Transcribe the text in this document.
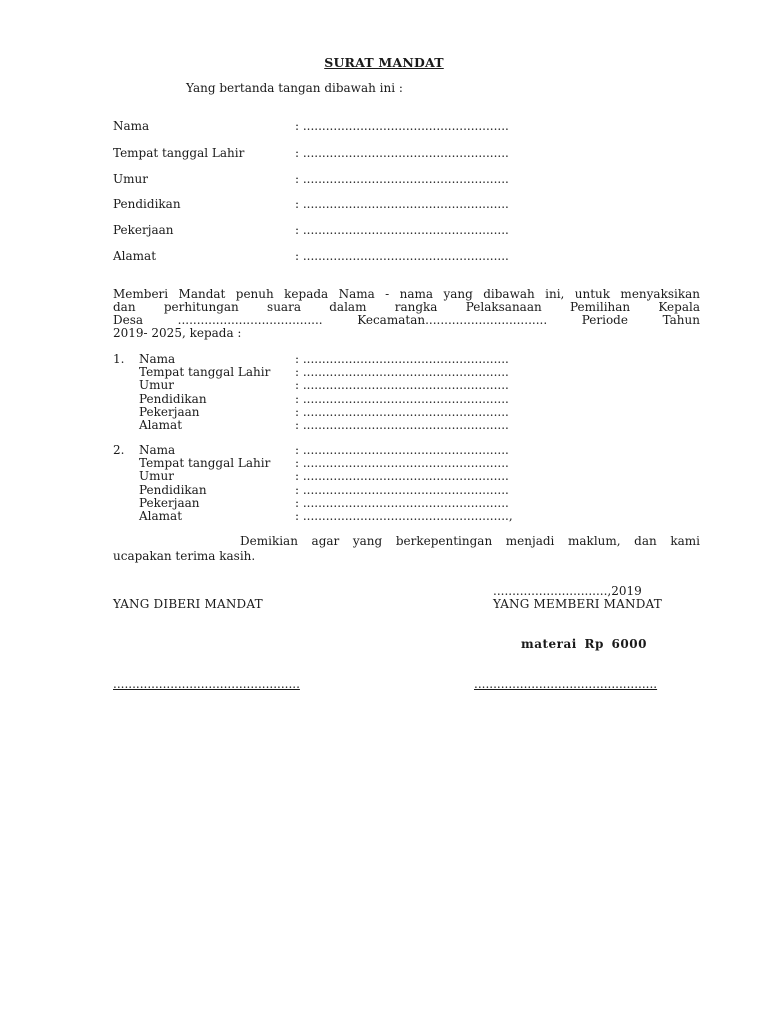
SURAT MANDAT
Yang bertanda tangan dibawah ini :
Nama	: ......................................................
Tempat tanggal Lahir	: ......................................................
Umur	: ......................................................
Pendidikan	: ......................................................
Pekerjaan	: ......................................................
Alamat	: ......................................................
Memberi Mandat penuh kepada Nama - nama yang dibawah ini, untuk menyaksikan
dan perhitungan suara dalam rangka Pelaksanaan Pemilihan Kepala
Desa ...................................... Kecamatan................................ Periode Tahun
2019- 2025, kepada :
1. Nama	: ......................................................
Tempat tanggal Lahir : ......................................................
Umur	: ......................................................
Pendidikan	: ......................................................
Pekerjaan	: ......................................................
Alamat	: ......................................................
2. Nama	: ......................................................
Tempat tanggal Lahir : ......................................................
Umur	: ......................................................
Pendidikan	: ......................................................
Pekerjaan	: ......................................................
Alamat	: ......................................................,
Demikian agar yang berkepentingan menjadi maklum, dan kami
ucapakan terima kasih.
..............................,2019
YANG DIBERI MANDAT	YANG MEMBERI MANDAT
materai Rp 6000
.................................................	................................................
